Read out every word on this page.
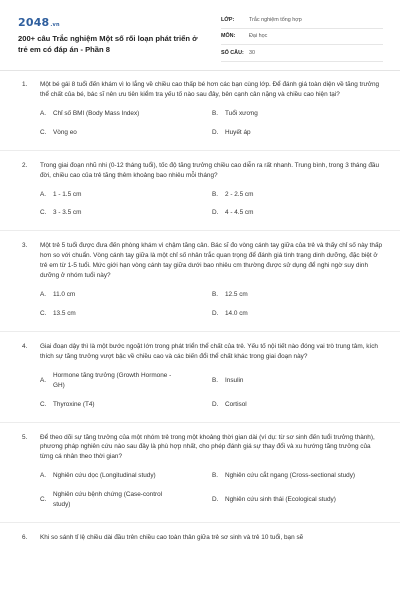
2048.vn
200+ câu Trắc nghiệm Một số rối loạn phát triển ở trẻ em có đáp án - Phần 8
LỚP:	Trắc nghiệm tổng hợp
MÔN:	Đại học
SỐ CÂU: 30
1. Một bé gái 8 tuổi đến khám vì lo lắng về chiều cao thấp bé hơn các bạn cùng lớp. Để đánh giá toàn diện về tăng trưởng thể chất của bé, bác sĩ nên ưu tiên kiểm tra yếu tố nào sau đây, bên cạnh cân nặng và chiều cao hiện tại?
A.	Chỉ số BMI (Body Mass Index)	B.	Tuổi xương
C.	Vòng eo	D.	Huyết áp
2. Trong giai đoạn nhũ nhi (0-12 tháng tuổi), tốc độ tăng trưởng chiều cao diễn ra rất nhanh. Trung bình, trong 3 tháng đầu đời, chiều cao của trẻ tăng thêm khoảng bao nhiêu mỗi tháng?
A.	1 - 1.5 cm	B.	2 - 2.5 cm
C.	3 - 3.5 cm	D.	4 - 4.5 cm
3. Một trẻ 5 tuổi được đưa đến phòng khám vì chậm tăng cân. Bác sĩ đo vòng cánh tay giữa của trẻ và thấy chỉ số này thấp hơn so với chuẩn. Vòng cánh tay giữa là một chỉ số nhân trắc quan trọng để đánh giá tình trạng dinh dưỡng, đặc biệt ở trẻ em từ 1-5 tuổi. Mức giới hạn vòng cánh tay giữa dưới bao nhiêu cm thường được sử dụng để nghi ngờ suy dinh dưỡng ở nhóm tuổi này?
A.	11.0 cm	B.	12.5 cm
C.	13.5 cm	D.	14.0 cm
4. Giai đoạn dậy thì là một bước ngoặt lớn trong phát triển thể chất của trẻ. Yếu tố nội tiết nào đóng vai trò trung tâm, kích thích sự tăng trưởng vượt bậc về chiều cao và các biến đổi thể chất khác trong giai đoạn này?
A.
Hormone tăng trưởng (Growth Hormone - GH)
B.	Insulin
C.	Thyroxine (T4)	D.	Cortisol
5. Để theo dõi sự tăng trưởng của một nhóm trẻ trong một khoảng thời gian dài (ví dụ: từ sơ sinh đến tuổi trưởng thành), phương pháp nghiên cứu nào sau đây là phù hợp nhất, cho phép đánh giá sự thay đổi và xu hướng tăng trưởng của từng cá nhân theo thời gian?
A.	Nghiên cứu dọc (Longitudinal study)	B.	Nghiên cứu cắt ngang (Cross-sectional study)
C.
Nghiên cứu bệnh chứng (Case-control study)
D.	Nghiên cứu sinh thái (Ecological study)
6. Khi so sánh tỉ lệ chiều dài đầu trên chiều cao toàn thân giữa trẻ sơ sinh và trẻ 10 tuổi, bạn sẽ
